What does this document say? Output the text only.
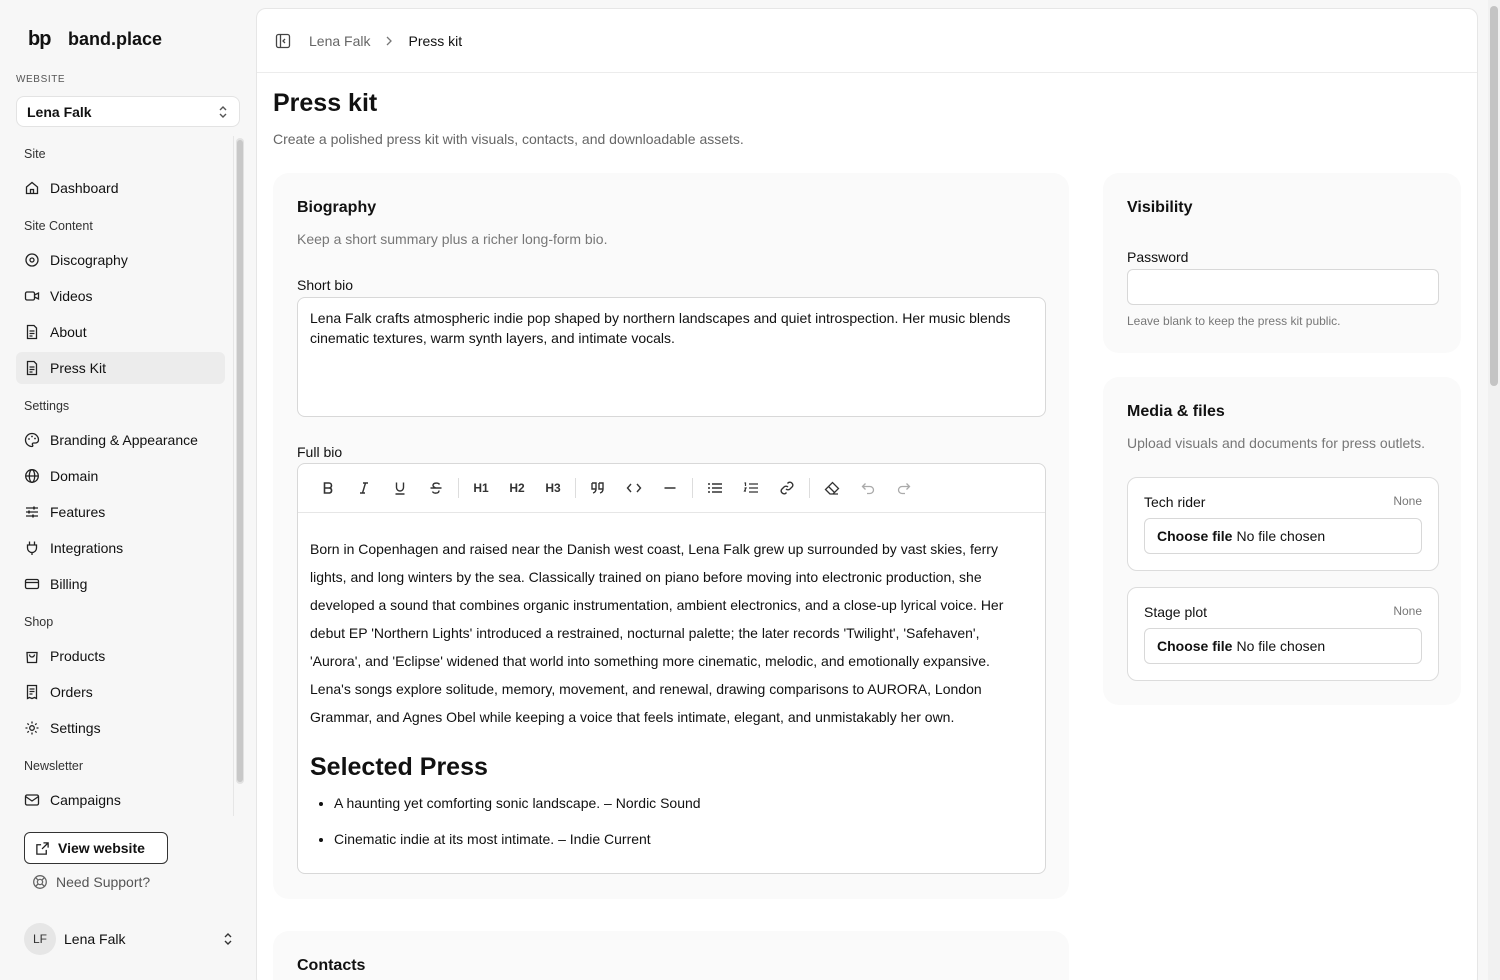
bp band.place
WEBSITE
Lena Falk
Site
Dashboard
Site Content
Discography
Videos
About
Press Kit
Settings
Branding & Appearance
Domain
Features
Integrations
Billing
Shop
Products
Orders
Settings
Newsletter
Campaigns
View website
Need Support?
LF	Lena Falk
Lena Falk	Press kit
Press kit

Create a polished press kit with visuals, contacts, and downloadable assets.

Biography
Keep a short summary plus a richer long-form bio.
Short bio
Lena Falk crafts atmospheric indie pop shaped by northern landscapes and quiet introspection. Her music blends cinematic textures, warm synth layers, and intimate vocals.
Full bio
H1	H2	H3

Born in Copenhagen and raised near the Danish west coast, Lena Falk grew up surrounded by vast skies, ferry lights, and long winters by the sea. Classically trained on piano before moving into electronic production, she developed a sound that combines organic instrumentation, ambient electronics, and a close-up lyrical voice. Her debut EP 'Northern Lights' introduced a restrained, nocturnal palette; the later records 'Twilight', 'Safehaven', 'Aurora', and 'Eclipse' widened that world into something more cinematic, melodic, and emotionally expansive. Lena's songs explore solitude, memory, movement, and renewal, drawing comparisons to AURORA, London Grammar, and Agnes Obel while keeping a voice that feels intimate, elegant, and unmistakably her own.

Selected Press
• A haunting yet comforting sonic landscape. – Nordic Sound
• Cinematic indie at its most intimate. – Indie Current
Visibility
Password
Leave blank to keep the press kit public.
Media & files
Upload visuals and documents for press outlets.
Tech rider	None
Choose file No file chosen
Stage plot	None
Choose file No file chosen
Contacts
